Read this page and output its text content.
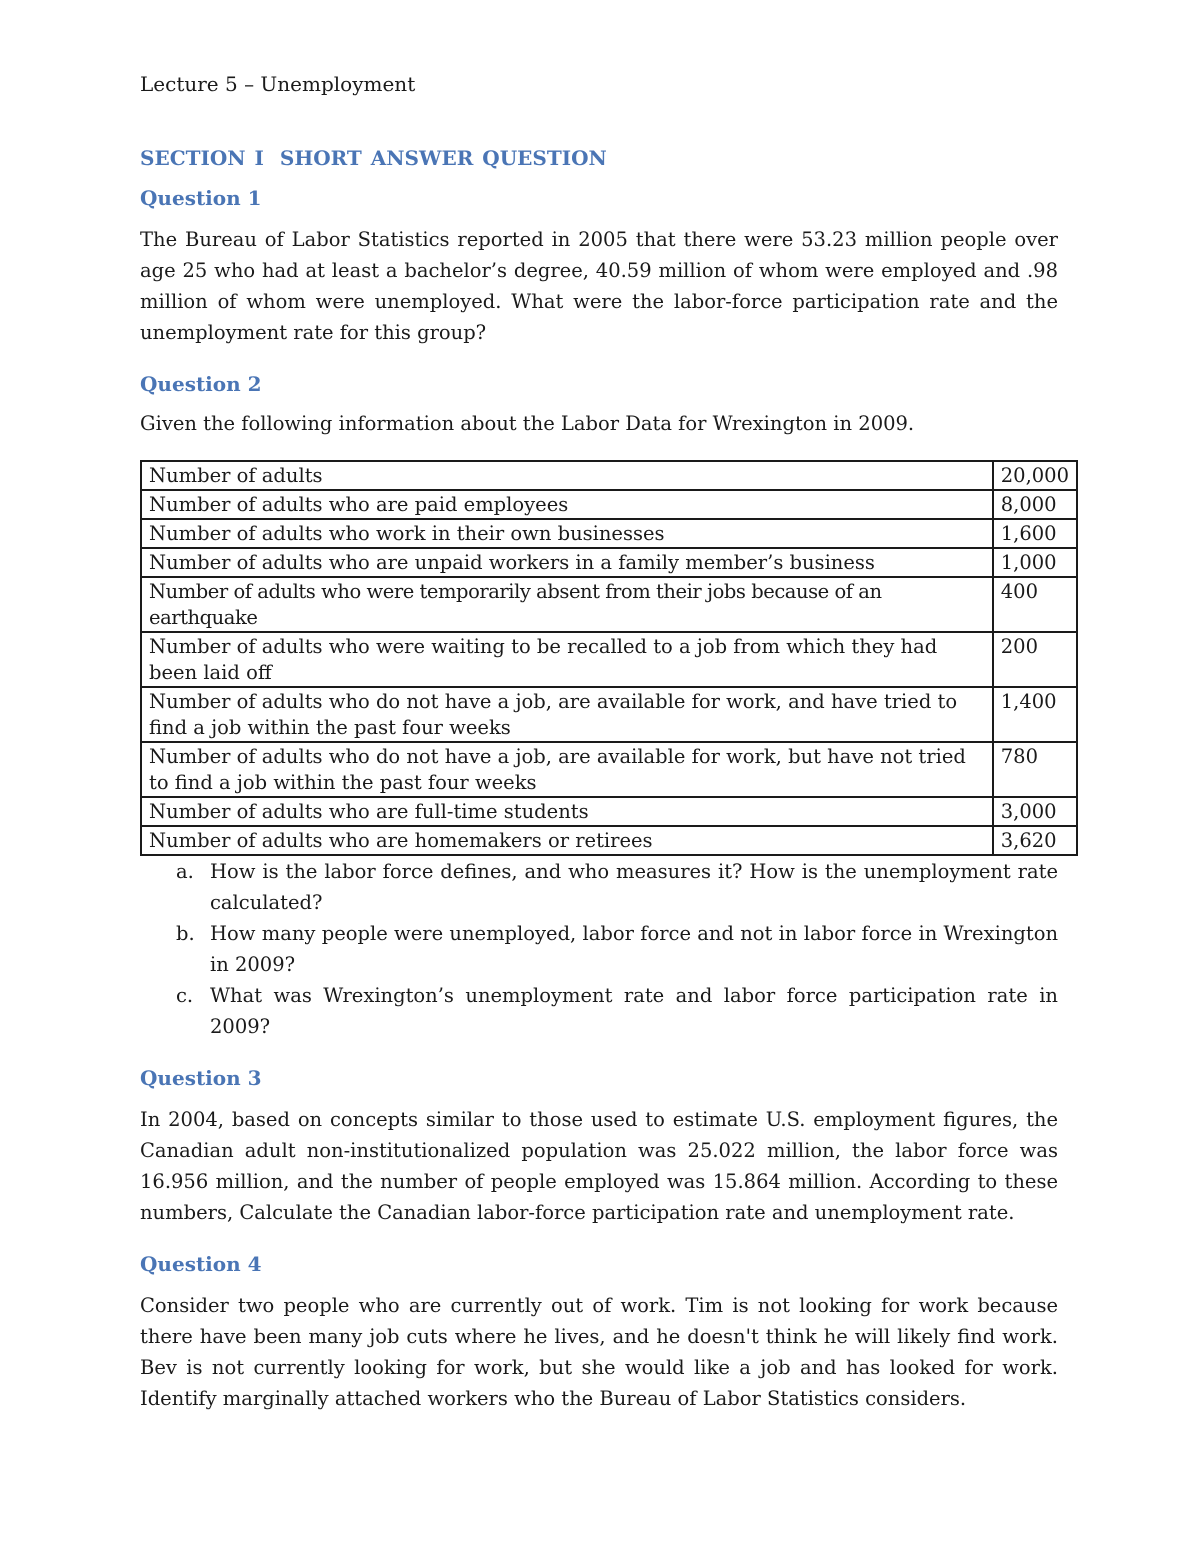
Lecture 5 – Unemployment
SECTION I SHORT ANSWER QUESTION
Question 1

The Bureau of Labor Statistics reported in 2005 that there were 53.23 million people over age 25 who had at least a bachelor’s degree, 40.59 million of whom were employed and .98 million of whom were unemployed. What were the labor-force participation rate and the unemployment rate for this group?

Question 2

Given the following information about the Labor Data for Wrexington in 2009.

Number of adults	20,000
Number of adults who are paid employees	8,000
Number of adults who work in their own businesses	1,600
Number of adults who are unpaid workers in a family member’s business	1,000
Number of adults who were temporarily absent from their jobs because of an earthquake	400
Number of adults who were waiting to be recalled to a job from which they had been laid off	200
Number of adults who do not have a job, are available for work, and have tried to find a job within the past four weeks	1,400
Number of adults who do not have a job, are available for work, but have not tried to find a job within the past four weeks	780
Number of adults who are full-time students	3,000
Number of adults who are homemakers or retirees	3,620
a. How is the labor force defines, and who measures it? How is the unemployment rate calculated?
b. How many people were unemployed, labor force and not in labor force in Wrexington in 2009?
c. What was Wrexington’s unemployment rate and labor force participation rate in 2009?
Question 3

In 2004, based on concepts similar to those used to estimate U.S. employment figures, the Canadian adult non-institutionalized population was 25.022 million, the labor force was 16.956 million, and the number of people employed was 15.864 million. According to these numbers, Calculate the Canadian labor-force participation rate and unemployment rate.

Question 4

Consider two people who are currently out of work. Tim is not looking for work because there have been many job cuts where he lives, and he doesn't think he will likely find work. Bev is not currently looking for work, but she would like a job and has looked for work. Identify marginally attached workers who the Bureau of Labor Statistics considers.
